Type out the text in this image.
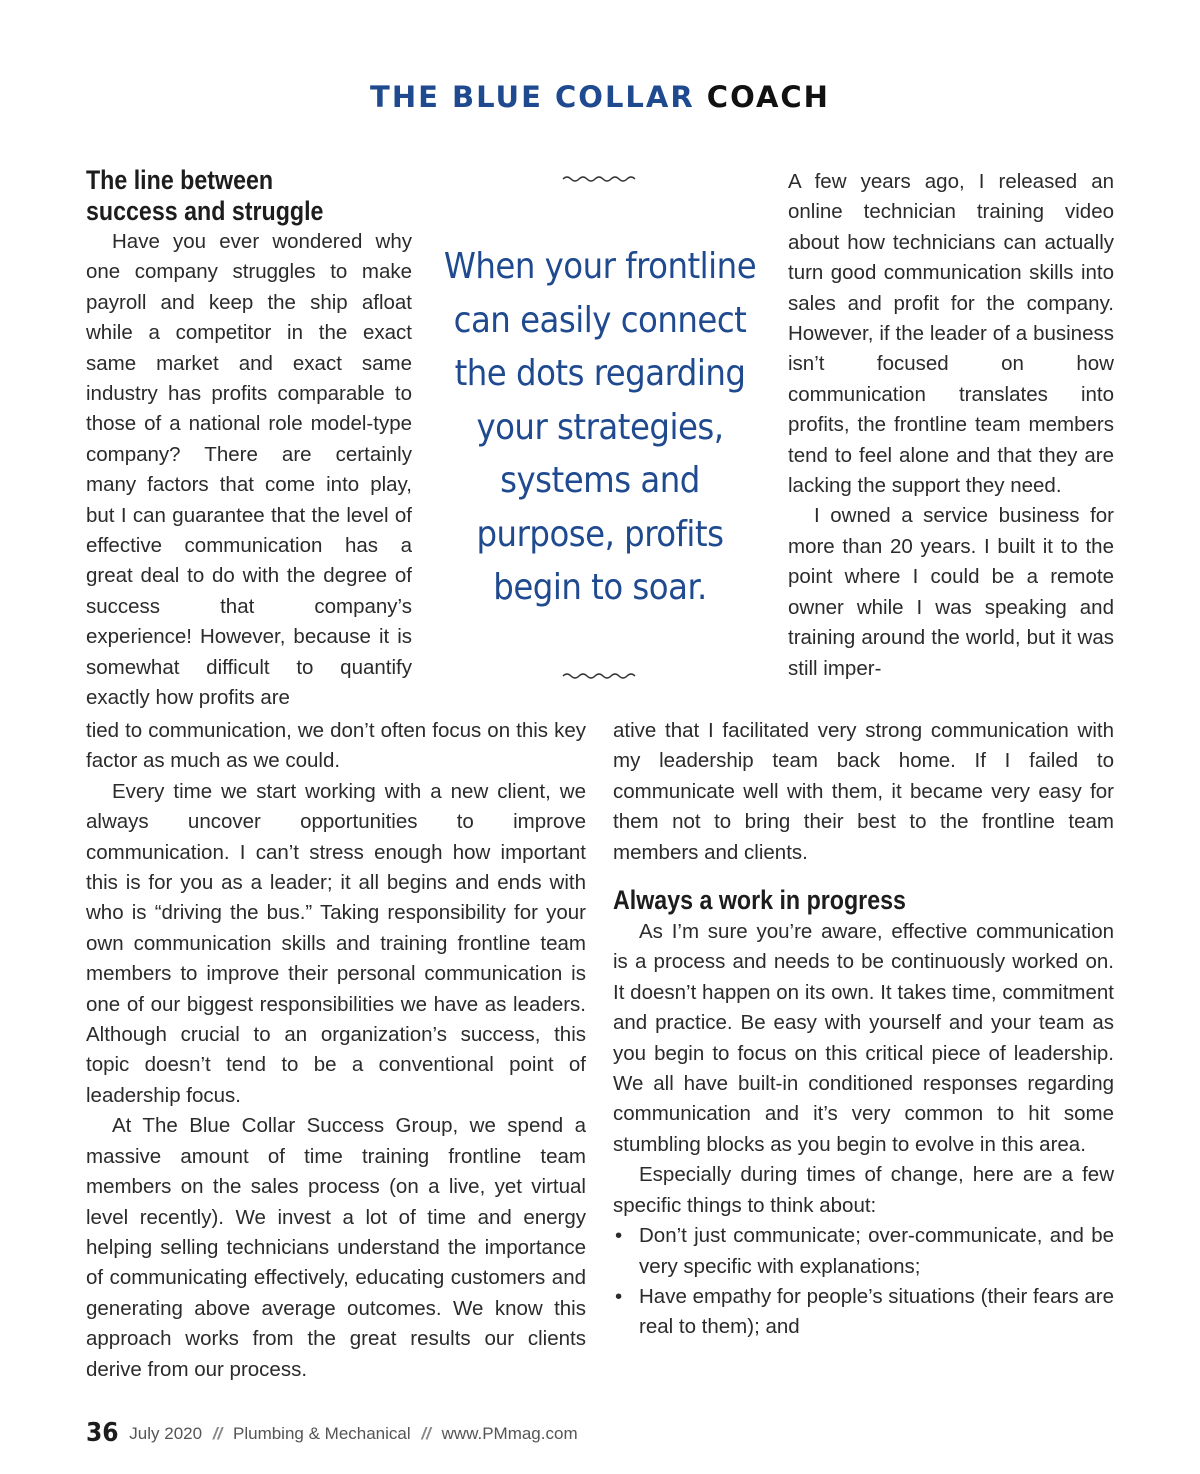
THE BLUE COLLAR COACH

The line between

success and struggle

Have you ever wondered why one company struggles to make payroll and keep the ship afloat while a competitor in the exact same market and exact same industry has profits comparable to those of a national role model-type company? There are certainly many factors that come into play, but I can guarantee that the level of effective communication has a great deal to do with the degree of success that company’s experience! However, because it is somewhat difficult to quantify exactly how profits are

When your frontline can easily connect the dots regarding your strategies, systems and purpose, profits begin to soar.

A few years ago, I released an online technician training video about how technicians can actually turn good communication skills into sales and profit for the company. However, if the leader of a business isn’t focused on how communication translates into profits, the frontline team members tend to feel alone and that they are lacking the support they need.

I owned a service business for more than 20 years. I built it to the point where I could be a remote owner while I was speaking and training around the world, but it was still imper-

tied to communication, we don’t often focus on this key factor as much as we could.

Every time we start working with a new client, we always uncover opportunities to improve communication. I can’t stress enough how important this is for you as a leader; it all begins and ends with who is “driving the bus.” Taking responsibility for your own communication skills and training frontline team members to improve their personal communication is one of our biggest responsibilities we have as leaders. Although crucial to an organization’s success, this topic doesn’t tend to be a conventional point of leadership focus.

At The Blue Collar Success Group, we spend a massive amount of time training frontline team members on the sales process (on a live, yet virtual level recently). We invest a lot of time and energy helping selling technicians understand the importance of communicating effectively, educating customers and generating above average outcomes. We know this approach works from the great results our clients derive from our process.

ative that I facilitated very strong communication with my leadership team back home. If I failed to communicate well with them, it became very easy for them not to bring their best to the frontline team members and clients.

Always a work in progress

As I’m sure you’re aware, effective communication is a process and needs to be continuously worked on. It doesn’t happen on its own. It takes time, commitment and practice. Be easy with yourself and your team as you begin to focus on this critical piece of leadership. We all have built-in conditioned responses regarding communication and it’s very common to hit some stumbling blocks as you begin to evolve in this area.

Especially during times of change, here are a few specific things to think about:

• Don’t just communicate; over-communicate, and be very specific with explanations;
• Have empathy for people’s situations (their fears are real to them); and
36 July 2020 // Plumbing & Mechanical // www.PMmag.com
